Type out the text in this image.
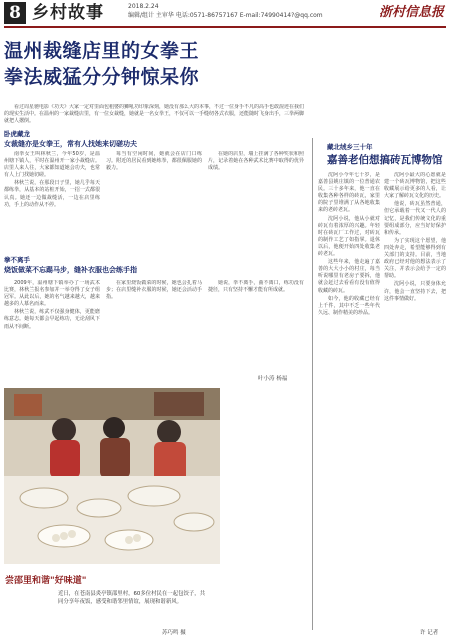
8 乡村故事	2018.2.24
编辑/组计 主审华 电话:0571-86757167 E-mail:74990414?@qq.com	浙村信息报
温州裁缝店里的女拳王
拳法威猛分分钟惊呆你

看过周星驰电影《功夫》大家一定对里面包租婆的狮吼功印象深刻，她没有那么大的本事，不过一位身手不凡的高手也敢混迹在我们的现实生活中。在温州的一家裁缝店里，有一位女裁缝，她就是一名女拳王，不仅可以一手缝纫各式衣服，还能随时飞身出手，三拳两脚就把人撂倒。

卧虎藏龙
女裁缝亦是女拳王，常有人找她来切磋功夫

南拳女王叫林秋兰，今年50岁，是温州塘下镇人，平时在温州开一家小裁缝店。店里人来人往，大家都知道她会功夫，也常有人上门找她切磋。

林秋兰说，在那段日子里，她几乎每天都练拳，从基本的站桩开始，一招一式都很认真。她还一边做裁缝活，一边在店里练功，手上的动作从不停。

每当有空闲时间，她就会在店门口练习。附近的居民看到她练拳，都很佩服她的毅力。

在她的店里，墙上挂满了各种奖状和照片，记录着她在各种武术比赛中取得的优异成绩。

拳不离手
烧饭做菜不忘踢马步，缝补衣服也会练手指

2009年，温州塘下镇举办了一场武术比赛，林秋兰报名参加并一举夺得了女子组冠军。从此以后，她的名气越来越大，越来越多的人慕名而来。

林秋兰说，练武不仅强身健体，更能磨练意志。她每天都会早起练功，无论刮风下雨从不间断。

在家里烧饭做菜的时候，她也会扎着马步；在店里缝补衣服的时候，她还会活动手指。

她说，拳不离手，曲不离口，练功没有捷径，只有坚持不懈才能有所成就。

叶小涛 杨福
尝邵里和谐"好味道"
近日，在苍南县炎亭镇邵里村，60多位村民在一起包饺子，共同分享年夜饭，感受和谐邻里情谊，展现和谐新风。
苏巧鸣 摄
藏北绒乡三十年
嘉善老伯想搞砖瓦博物馆

沈阿小今年七十岁，是嘉善县姚庄镇的一位普通农民。三十多年来，他一直在收集各种各样的砖瓦，家里的院子里堆满了从各地收集来的老砖老瓦。

沈阿小说，他从小就对砖瓦有着浓厚的兴趣。年轻时在砖瓦厂工作过，对砖瓦的制作工艺了如指掌。退休以后，他便开始四处收集老砖老瓦。

这些年来，他走遍了嘉善的大大小小的村庄，每当听说哪里有老房子要拆，他就会赶过去看看有没有值得收藏的砖瓦。

如今，他的收藏已经有上千件，其中不乏一些年代久远、制作精美的珍品。

沈阿小最大的心愿就是建一个砖瓦博物馆，把这些收藏展示给更多的人看，让大家了解砖瓦文化的历史。

他说，砖瓦虽然普通，但它承载着一代又一代人的记忆，是我们传统文化的重要组成部分，应当好好保护和传承。

为了实现这个愿望，他四处奔走，希望能够得到有关部门的支持。目前，当地政府已经对他的想法表示了关注，并表示会给予一定的帮助。

沈阿小说，只要身体允许，他会一直坚持下去，把这件事情做好。

许 记者
